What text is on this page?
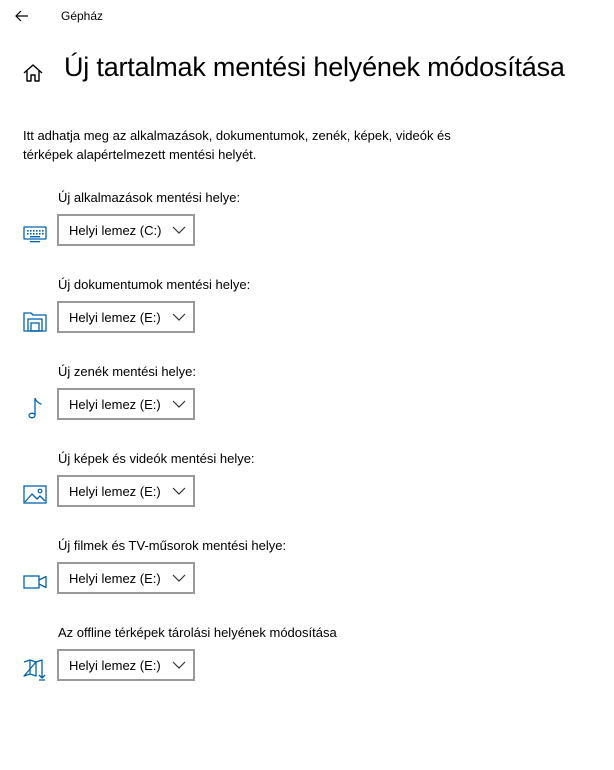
Gépház
Új tartalmak mentési helyének módosítása
Itt adhatja meg az alkalmazások, dokumentumok, zenék, képek, videók és térképek alapértelmezett mentési helyét.
Új alkalmazások mentési helye:
Helyi lemez (C:)
Új dokumentumok mentési helye:
Helyi lemez (E:)
Új zenék mentési helye:
Helyi lemez (E:)
Új képek és videók mentési helye:
Helyi lemez (E:)
Új filmek és TV-műsorok mentési helye:
Helyi lemez (E:)
Az offline térképek tárolási helyének módosítása
Helyi lemez (E:)
